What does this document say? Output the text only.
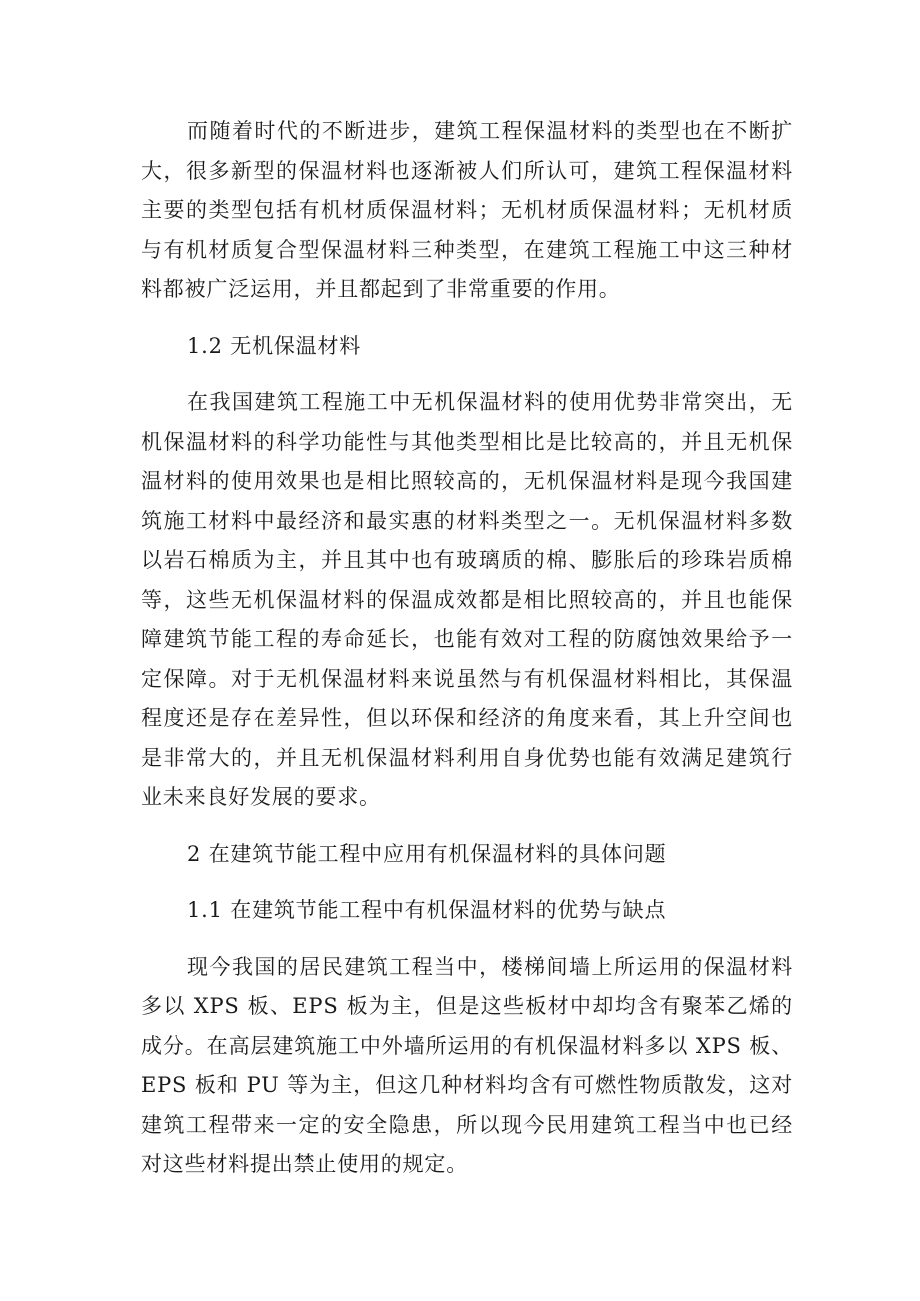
而随着时代的不断进步，建筑工程保温材料的类型也在不断扩大，很多新型的保温材料也逐渐被人们所认可，建筑工程保温材料主要的类型包括有机材质保温材料；无机材质保温材料；无机材质与有机材质复合型保温材料三种类型，在建筑工程施工中这三种材料都被广泛运用，并且都起到了非常重要的作用。

1.2 无机保温材料

在我国建筑工程施工中无机保温材料的使用优势非常突出，无机保温材料的科学功能性与其他类型相比是比较高的，并且无机保温材料的使用效果也是相比照较高的，无机保温材料是现今我国建筑施工材料中最经济和最实惠的材料类型之一。无机保温材料多数以岩石棉质为主，并且其中也有玻璃质的棉、膨胀后的珍珠岩质棉等，这些无机保温材料的保温成效都是相比照较高的，并且也能保障建筑节能工程的寿命延长，也能有效对工程的防腐蚀效果给予一定保障。对于无机保温材料来说虽然与有机保温材料相比，其保温程度还是存在差异性，但以环保和经济的角度来看，其上升空间也是非常大的，并且无机保温材料利用自身优势也能有效满足建筑行业未来良好发展的要求。

2 在建筑节能工程中应用有机保温材料的具体问题

1.1 在建筑节能工程中有机保温材料的优势与缺点

现今我国的居民建筑工程当中，楼梯间墙上所运用的保温材料多以 XPS 板、EPS 板为主，但是这些板材中却均含有聚苯乙烯的成分。在高层建筑施工中外墙所运用的有机保温材料多以 XPS 板、EPS 板和 PU 等为主，但这几种材料均含有可燃性物质散发，这对建筑工程带来一定的安全隐患，所以现今民用建筑工程当中也已经对这些材料提出禁止使用的规定。
